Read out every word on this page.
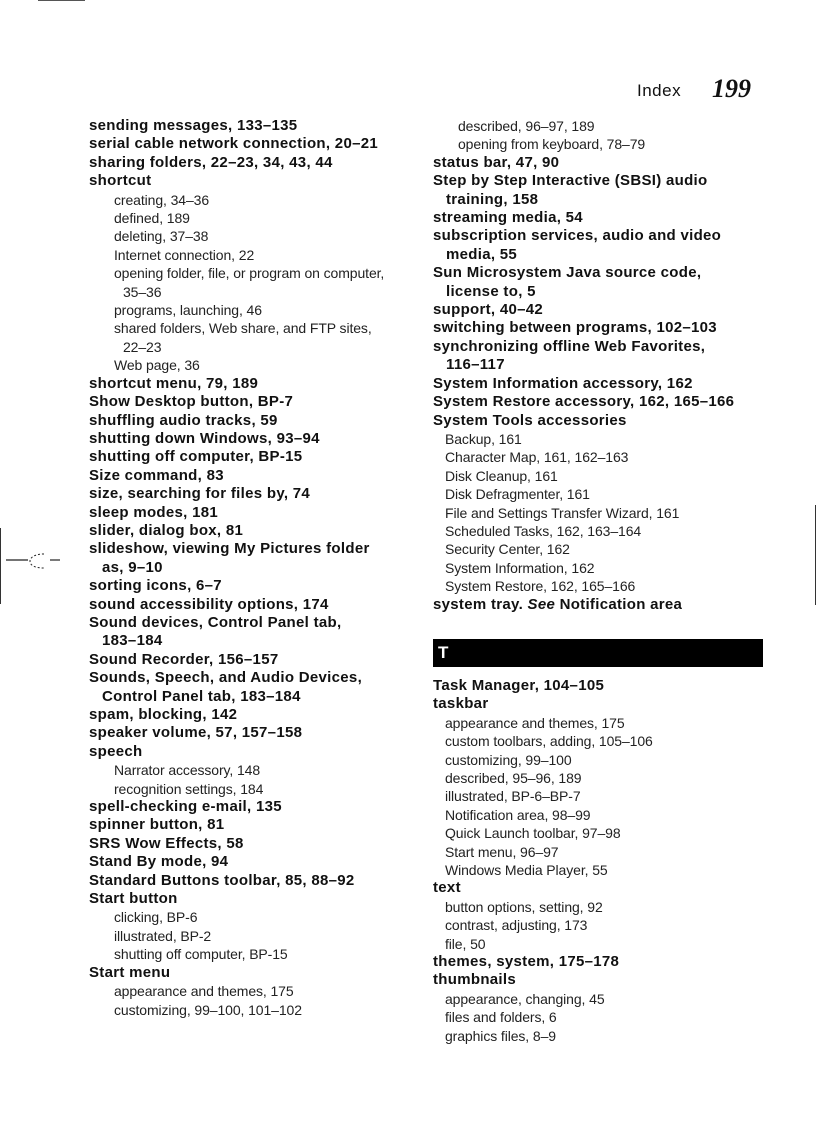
Index 199
sending messages, 133–135
serial cable network connection, 20–21
sharing folders, 22–23, 34, 43, 44
shortcut
creating, 34–36
defined, 189
deleting, 37–38
Internet connection, 22
opening folder, file, or program on computer,
35–36
programs, launching, 46
shared folders, Web share, and FTP sites,
22–23
Web page, 36
shortcut menu, 79, 189
Show Desktop button, BP-7
shuffling audio tracks, 59
shutting down Windows, 93–94
shutting off computer, BP-15
Size command, 83
size, searching for files by, 74
sleep modes, 181
slider, dialog box, 81
slideshow, viewing My Pictures folder
as, 9–10
sorting icons, 6–7
sound accessibility options, 174
Sound devices, Control Panel tab,
183–184
Sound Recorder, 156–157
Sounds, Speech, and Audio Devices,
Control Panel tab, 183–184
spam, blocking, 142
speaker volume, 57, 157–158
speech
Narrator accessory, 148
recognition settings, 184
spell-checking e-mail, 135
spinner button, 81
SRS Wow Effects, 58
Stand By mode, 94
Standard Buttons toolbar, 85, 88–92
Start button
clicking, BP-6
illustrated, BP-2
shutting off computer, BP-15
Start menu
appearance and themes, 175
customizing, 99–100, 101–102
described, 96–97, 189
opening from keyboard, 78–79
status bar, 47, 90
Step by Step Interactive (SBSI) audio
training, 158
streaming media, 54
subscription services, audio and video
media, 55
Sun Microsystem Java source code,
license to, 5
support, 40–42
switching between programs, 102–103
synchronizing offline Web Favorites,
116–117
System Information accessory, 162
System Restore accessory, 162, 165–166
System Tools accessories
Backup, 161
Character Map, 161, 162–163
Disk Cleanup, 161
Disk Defragmenter, 161
File and Settings Transfer Wizard, 161
Scheduled Tasks, 162, 163–164
Security Center, 162
System Information, 162
System Restore, 162, 165–166
system tray. See Notification area
T
Task Manager, 104–105
taskbar
appearance and themes, 175
custom toolbars, adding, 105–106
customizing, 99–100
described, 95–96, 189
illustrated, BP-6–BP-7
Notification area, 98–99
Quick Launch toolbar, 97–98
Start menu, 96–97
Windows Media Player, 55
text
button options, setting, 92
contrast, adjusting, 173
file, 50
themes, system, 175–178
thumbnails
appearance, changing, 45
files and folders, 6
graphics files, 8–9
